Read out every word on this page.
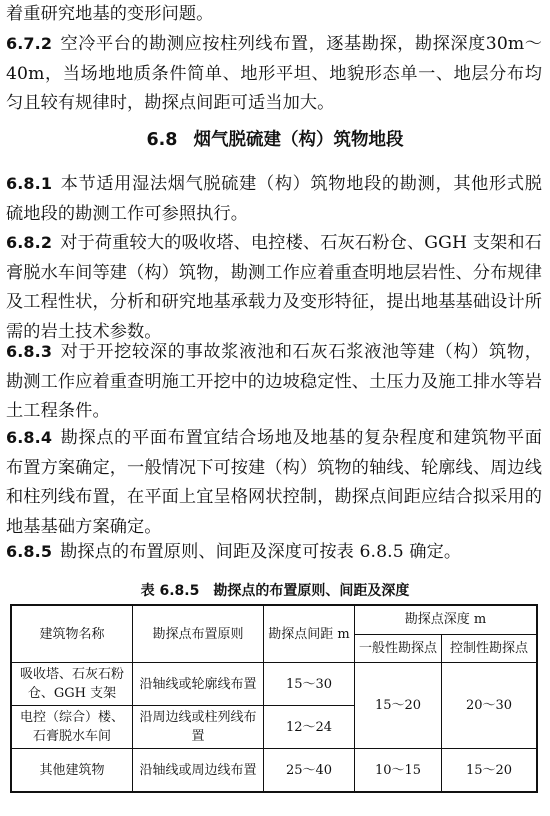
着重研究地基的变形问题。

6.7.2 空冷平台的勘测应按柱列线布置，逐基勘探，勘探深度30m～40m，当场地地质条件简单、地形平坦、地貌形态单一、地层分布均匀且较有规律时，勘探点间距可适当加大。

6.8 烟气脱硫建（构）筑物地段

6.8.1 本节适用湿法烟气脱硫建（构）筑物地段的勘测，其他形式脱硫地段的勘测工作可参照执行。

6.8.2 对于荷重较大的吸收塔、电控楼、石灰石粉仓、GGH 支架和石膏脱水车间等建（构）筑物，勘测工作应着重查明地层岩性、分布规律及工程性状，分析和研究地基承载力及变形特征，提出地基基础设计所需的岩土技术参数。

6.8.3 对于开挖较深的事故浆液池和石灰石浆液池等建（构）筑物，勘测工作应着重查明施工开挖中的边坡稳定性、土压力及施工排水等岩土工程条件。

6.8.4 勘探点的平面布置宜结合场地及地基的复杂程度和建筑物平面布置方案确定，一般情况下可按建（构）筑物的轴线、轮廓线、周边线和柱列线布置，在平面上宜呈格网状控制，勘探点间距应结合拟采用的地基基础方案确定。

6.8.5 勘探点的布置原则、间距及深度可按表 6.8.5 确定。

表 6.8.5　勘探点的布置原则、间距及深度
建筑物名称	勘探点布置原则	勘探点间距 m	勘探点深度 m	
			一般性勘探点	控制性勘探点
吸收塔、石灰石粉仓、GGH 支架	沿轴线或轮廓线布置	15～30	15～20	20～30
电控（综合）楼、石膏脱水车间	沿周边线或柱列线布置	12～24		
其他建筑物	沿轴线或周边线布置	25～40	10～15	15～20
